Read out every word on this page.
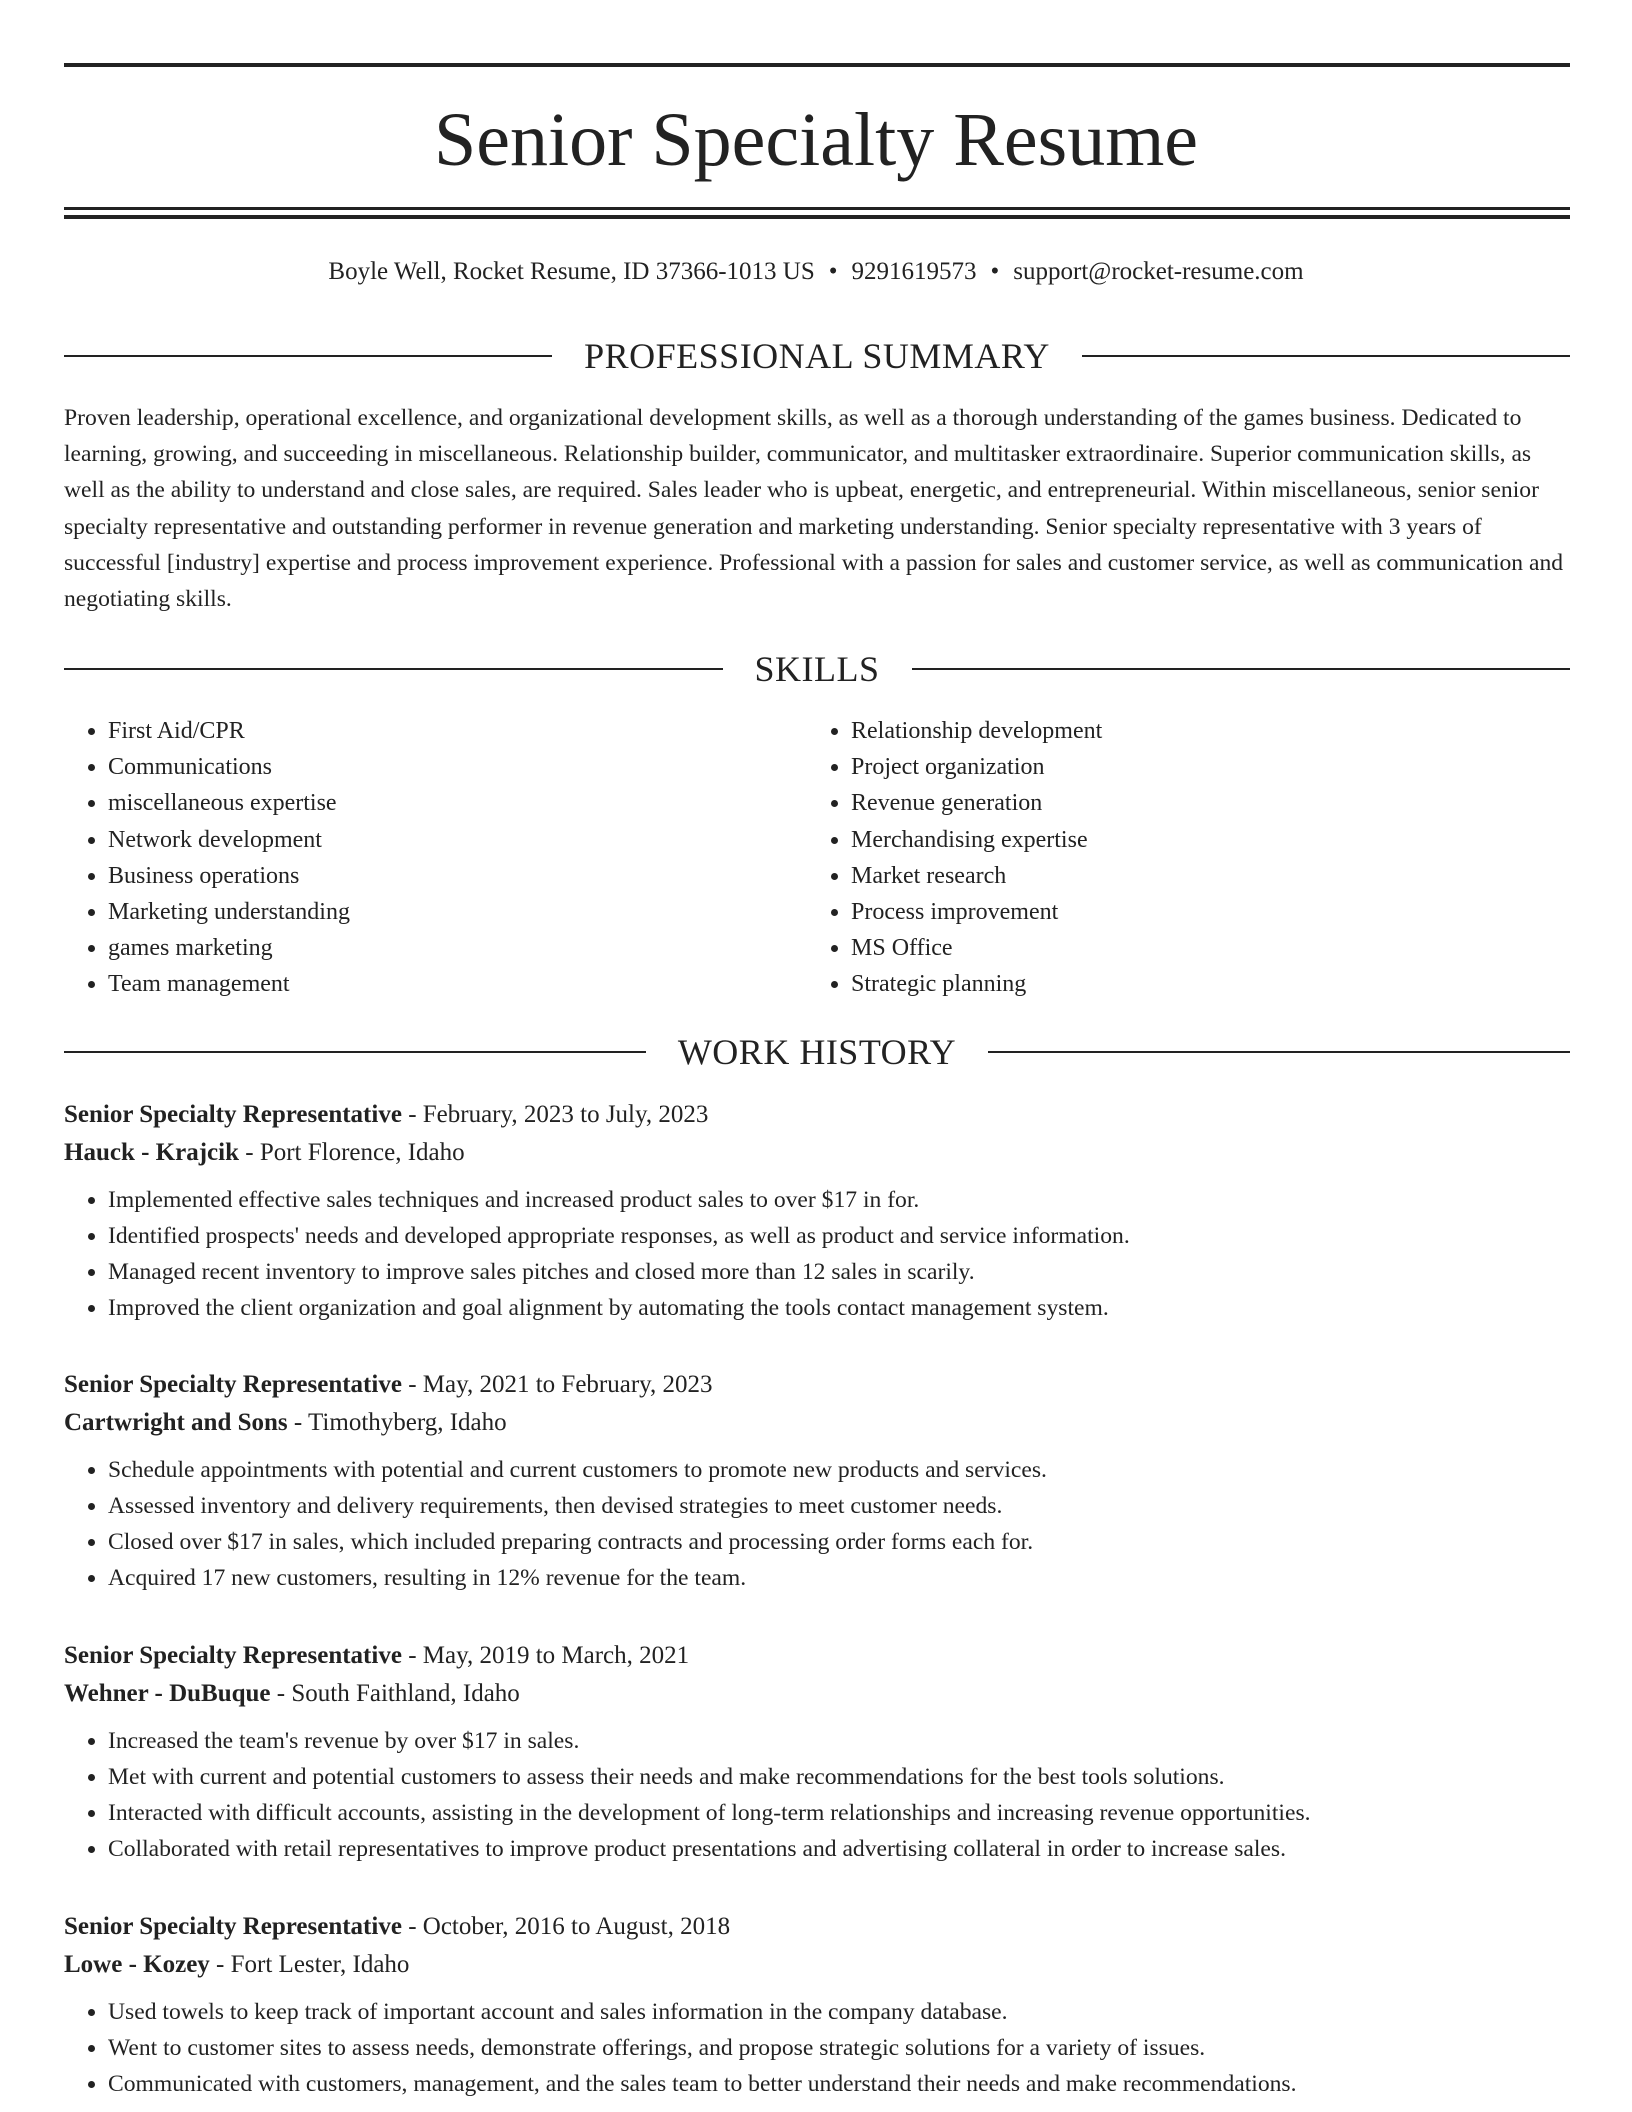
Senior Specialty Resume
Boyle Well, Rocket Resume, ID 37366-1013 US • 9291619573 • support@rocket-resume.com
PROFESSIONAL SUMMARY

Proven leadership, operational excellence, and organizational development skills, as well as a thorough understanding of the games business. Dedicated to learning, growing, and succeeding in miscellaneous. Relationship builder, communicator, and multitasker extraordinaire. Superior communication skills, as well as the ability to understand and close sales, are required. Sales leader who is upbeat, energetic, and entrepreneurial. Within miscellaneous, senior senior specialty representative and outstanding performer in revenue generation and marketing understanding. Senior specialty representative with 3 years of successful [industry] expertise and process improvement experience. Professional with a passion for sales and customer service, as well as communication and negotiating skills.

SKILLS
• First Aid/CPR
• Communications
• miscellaneous expertise
• Network development
• Business operations
• Marketing understanding
• games marketing
• Team management
• Relationship development
• Project organization
• Revenue generation
• Merchandising expertise
• Market research
• Process improvement
• MS Office
• Strategic planning
WORK HISTORY

Senior Specialty Representative - February, 2023 to July, 2023

Hauck - Krajcik - Port Florence, Idaho

• Implemented effective sales techniques and increased product sales to over $17 in for.
• Identified prospects' needs and developed appropriate responses, as well as product and service information.
• Managed recent inventory to improve sales pitches and closed more than 12 sales in scarily.
• Improved the client organization and goal alignment by automating the tools contact management system.

Senior Specialty Representative - May, 2021 to February, 2023

Cartwright and Sons - Timothyberg, Idaho

• Schedule appointments with potential and current customers to promote new products and services.
• Assessed inventory and delivery requirements, then devised strategies to meet customer needs.
• Closed over $17 in sales, which included preparing contracts and processing order forms each for.
• Acquired 17 new customers, resulting in 12% revenue for the team.

Senior Specialty Representative - May, 2019 to March, 2021

Wehner - DuBuque - South Faithland, Idaho

• Increased the team's revenue by over $17 in sales.
• Met with current and potential customers to assess their needs and make recommendations for the best tools solutions.
• Interacted with difficult accounts, assisting in the development of long-term relationships and increasing revenue opportunities.
• Collaborated with retail representatives to improve product presentations and advertising collateral in order to increase sales.

Senior Specialty Representative - October, 2016 to August, 2018

Lowe - Kozey - Fort Lester, Idaho

• Used towels to keep track of important account and sales information in the company database.
• Went to customer sites to assess needs, demonstrate offerings, and propose strategic solutions for a variety of issues.
• Communicated with customers, management, and the sales team to better understand their needs and make recommendations.
